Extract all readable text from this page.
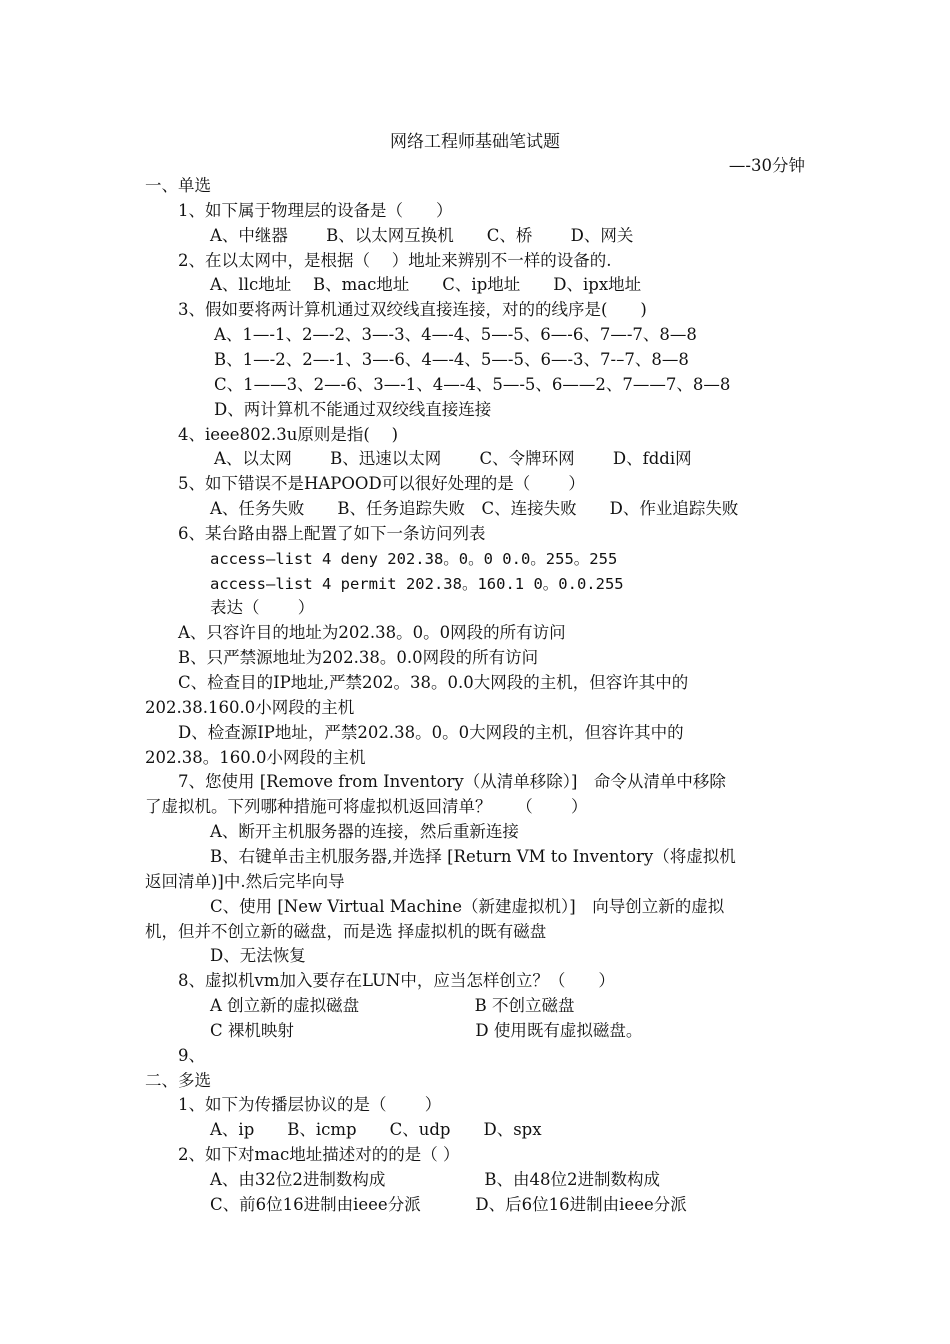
网络工程师基础笔试题
—-30分钟
一、单选
1、如下属于物理层的设备是（　　）
A、中继器　　 B、以太网互换机　　C、桥　　 D、网关
2、在以太网中，是根据（　 ）地址来辨别不一样的设备的.
A、llc地址　 B、mac地址　　C、ip地址　　D、ipx地址
3、假如要将两计算机通过双绞线直接连接，对的的线序是(　　)
A、1—-1、2—-2、3—-3、4—-4、5—-5、6—-6、7—-7、8—8
B、1—-2、2—-1、3—-6、4—-4、5—-5、6—-3、7-–7、8—8
C、1——3、2—-6、3—-1、4—-4、5—-5、6——2、7——7、8—8
D、两计算机不能通过双绞线直接连接
4、ieee802.3u原则是指(　 )
A、以太网　　 B、迅速以太网　　 C、令牌环网　　 D、fddi网
5、如下错误不是HAPOOD可以很好处理的是（　　 ）
A、任务失败　　B、任务追踪失败　C、连接失败　　D、作业追踪失败
6、某台路由器上配置了如下一条访问列表
access—list 4 deny 202.38。0。0 0.0。255。255
access—list 4 permit 202.38。160.1 0。0.0.255
表达（　　 ）
A、只容许目的地址为202.38。0。0网段的所有访问
B、只严禁源地址为202.38。0.0网段的所有访问
C、检查目的IP地址,严禁202。38。0.0大网段的主机，但容许其中的
202.38.160.0小网段的主机
D、检查源IP地址，严禁202.38。0。0大网段的主机，但容许其中的
202.38。160.0小网段的主机
7、您使用 [Remove from Inventory（从清单移除）]　命令从清单中移除
了虚拟机。下列哪种措施可将虚拟机返回清单？　　（　　 ）
A、断开主机服务器的连接，然后重新连接
B、右键单击主机服务器,并选择 [Return VM to Inventory（将虚拟机
返回清单)]中.然后完毕向导
C、使用 [New Virtual Machine（新建虚拟机）]　向导创立新的虚拟
机，但并不创立新的磁盘，而是选 择虚拟机的既有磁盘
D、无法恢复
8、虚拟机vm加入要存在LUN中，应当怎样创立？（　　）
A 创立新的虚拟磁盘　　　　　　　B 不创立磁盘
C 裸机映射　　　　　　　　　　　D 使用既有虚拟磁盘。
9、
二、多选
1、如下为传播层协议的是（　　 ）
A、ip　　B、icmp　　C、udp　　D、spx
2、如下对mac地址描述对的的是（ ）
A、由32位2进制数构成　　　　　　B、由48位2进制数构成
C、前6位16进制由ieee分派　　　 D、后6位16进制由ieee分派
